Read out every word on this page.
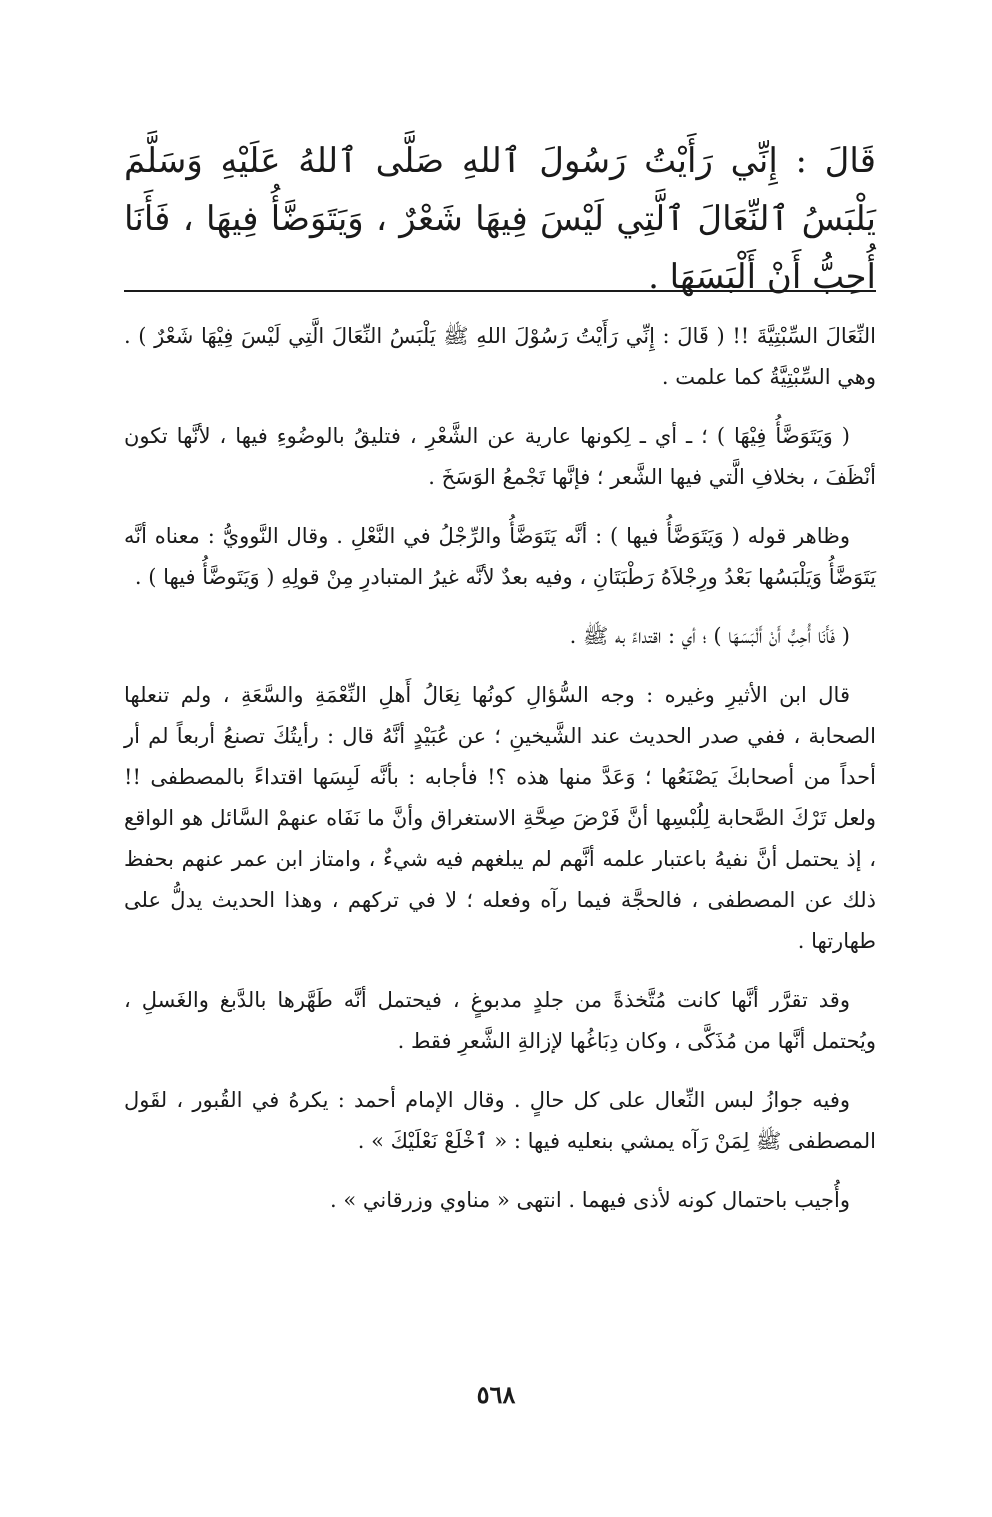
قَالَ : إِنِّي رَأَيْتُ رَسُولَ ٱللهِ صَلَّى ٱللهُ عَلَيْهِ وَسَلَّمَ يَلْبَسُ ٱلنِّعَالَ ٱلَّتِي لَيْسَ فِيهَا شَعْرٌ ، وَيَتَوَضَّأُ فِيهَا ، فَأَنَا أُحِبُّ أَنْ أَلْبَسَهَا .

النِّعَالَ السِّبْتِيَّةَ !! ( قَالَ : إِنِّي رَأَيْتُ رَسُوْلَ اللهِ ﷺ يَلْبَسُ النِّعَالَ الَّتِي لَيْسَ فِيْهَا شَعْرٌ ) . وهي السِّبْتِيَّةُ كما علمت .

( وَيَتَوَضَّأُ فِيْهَا ) ؛ ـ أي ـ لِكونها عارية عن الشَّعْرِ ، فتليقُ بالوضُوءِ فيها ، لأنَّها تكون أنْظَفَ ، بخلافِ الَّتي فيها الشَّعر ؛ فإنَّها تَجْمعُ الوَسَخَ .

وظاهر قوله ( وَيَتَوَضَّأُ فيها ) : أنَّه يَتَوَضَّأُ والرِّجْلُ في النَّعْلِ . وقال النَّوويُّ : معناه أنَّه يَتَوَضَّأُ وَيَلْبَسُها بَعْدُ ورِجْلاَهُ رَطْبَتَانِ ، وفيه بعدٌ لأنَّه غيرُ المتبادرِ مِنْ قولِهِ ( وَيَتَوضَّأُ فيها ) .

( فَأَنَا أُحِبُّ أَنْ أَلْبَسَهَا ) ؛ أي : اقتداءً به ﷺ .

قال ابن الأثيرِ وغيره : وجه السُّؤالِ كونُها نِعَالُ أَهلِ النِّعْمَةِ والسَّعَةِ ، ولم تنعلها الصحابة ، ففي صدر الحديث عند الشَّيخينِ ؛ عن عُبَيْدٍ أنَّهُ قال : رأيتُكَ تصنعُ أربعاً لم أر أحداً من أصحابكَ يَصْنَعُها ؛ وَعَدَّ منها هذه ؟! فأجابه : بأنَّه لَبِسَها اقتداءً بالمصطفى !! ولعل تَرْكَ الصَّحابة لِلُبْسِها أنَّ فَرْضَ صِحَّةِ الاستغراق وأنَّ ما نَفَاه عنهمْ السَّائل هو الواقع ، إذ يحتمل أنَّ نفيهُ باعتبار علمه أنَّهم لم يبلغهم فيه شيءٌ ، وامتاز ابن عمر عنهم بحفظ ذلك عن المصطفى ، فالحجَّة فيما رآه وفعله ؛ لا في تركهم ، وهذا الحديث يدلُّ على طهارتها .

وقد تقرَّر أنَّها كانت مُتَّخذةً من جلدٍ مدبوغٍ ، فيحتمل أنَّه طَهَّرها بالدَّبغ والغَسلِ ، ويُحتمل أنَّها من مُذَكَّى ، وكان دِبَاغُها لإزالةِ الشَّعرِ فقط .

وفيه جوازُ لبس النِّعال على كل حالٍ . وقال الإمام أحمد : يكرهُ في القُبور ، لقَول المصطفى ﷺ لِمَنْ رَآه يمشي بنعليه فيها : « ٱخْلَعْ نَعْلَيْكَ » .

وأُجيب باحتمال كونه لأذى فيهما . انتهى « مناوي وزرقاني » .

٥٦٨
